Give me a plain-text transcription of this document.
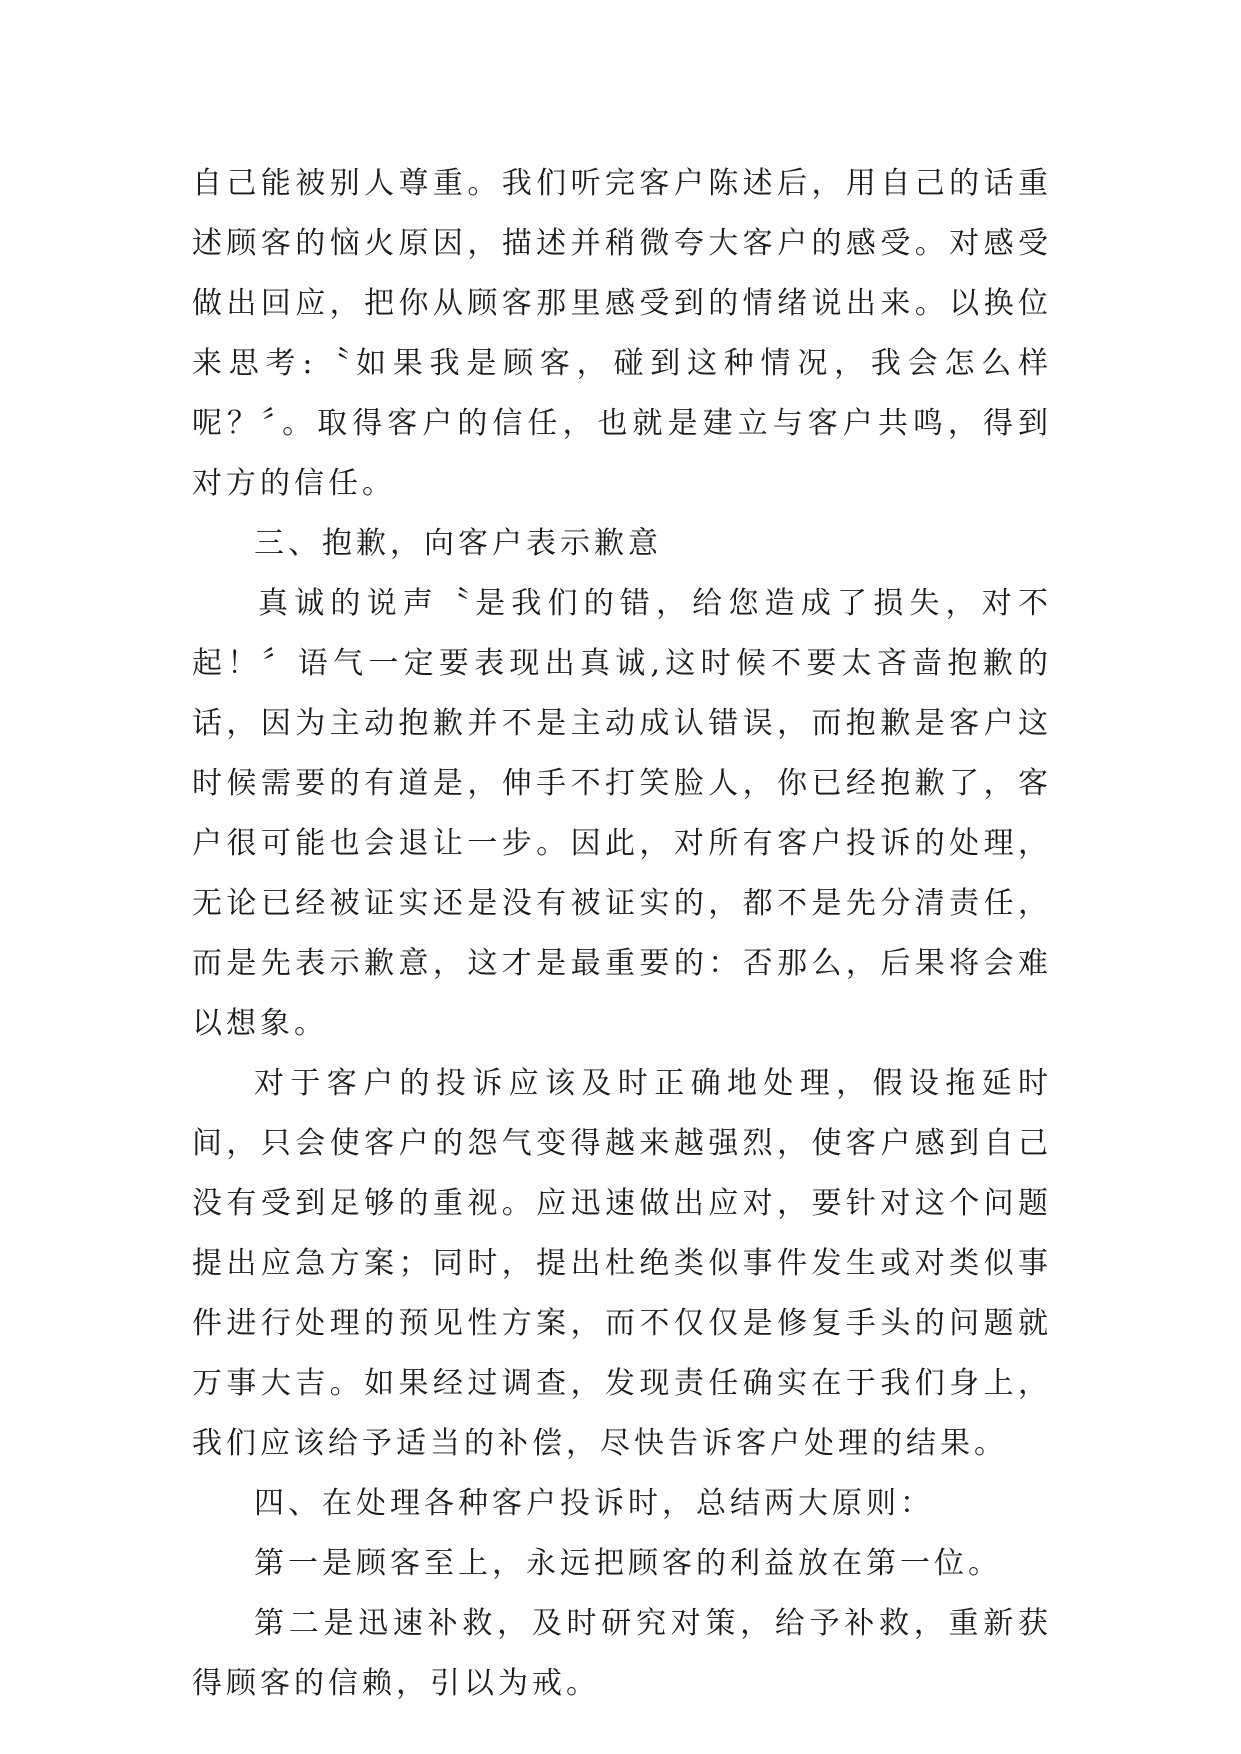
自己能被别人尊重。我们听完客户陈述后，用自己的话重述顾客的恼火原因，描述并稍微夸大客户的感受。对感受做出回应，把你从顾客那里感受到的情绪说出来。以换位来思考:〝如果我是顾客，碰到这种情况，我会怎么样呢？〞。取得客户的信任，也就是建立与客户共鸣，得到对方的信任。

三、抱歉，向客户表示歉意

真诚的说声〝是我们的错，给您造成了损失，对不起！〞语气一定要表现出真诚,这时候不要太吝啬抱歉的话，因为主动抱歉并不是主动成认错误，而抱歉是客户这时候需要的有道是，伸手不打笑脸人，你已经抱歉了，客户很可能也会退让一步。因此，对所有客户投诉的处理，无论已经被证实还是没有被证实的，都不是先分清责任，而是先表示歉意，这才是最重要的：否那么，后果将会难以想象。

对于客户的投诉应该及时正确地处理，假设拖延时间，只会使客户的怨气变得越来越强烈，使客户感到自己没有受到足够的重视。应迅速做出应对，要针对这个问题提出应急方案；同时，提出杜绝类似事件发生或对类似事件进行处理的预见性方案，而不仅仅是修复手头的问题就万事大吉。如果经过调查，发现责任确实在于我们身上，我们应该给予适当的补偿，尽快告诉客户处理的结果。

四、在处理各种客户投诉时，总结两大原则：

第一是顾客至上，永远把顾客的利益放在第一位。

第二是迅速补救，及时研究对策，给予补救，重新获得顾客的信赖，引以为戒。
